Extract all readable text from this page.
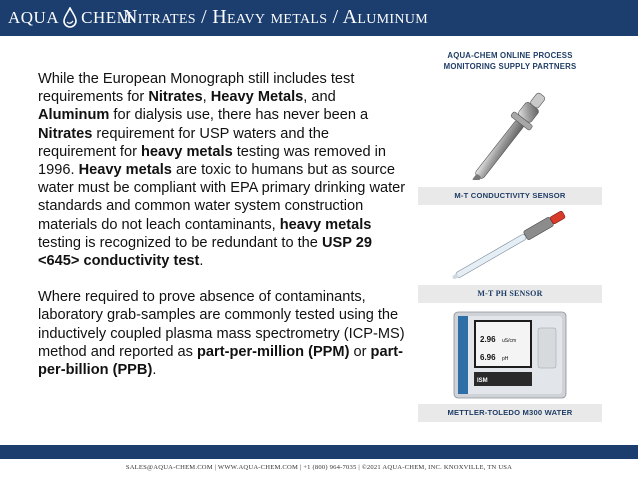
AQUA CHEM
Nitrates / Heavy metals / Aluminum

While the European Monograph still includes test requirements for Nitrates, Heavy Metals, and Aluminum for dialysis use, there has never been a Nitrates requirement for USP waters and the requirement for heavy metals testing was removed in 1996. Heavy metals are toxic to humans but as source water must be compliant with EPA primary drinking water standards and common water system construction materials do not leach contaminants, heavy metals testing is recognized to be redundant to the USP 29 <645> conductivity test.

Where required to prove absence of contaminants, laboratory grab-samples are commonly tested using the inductively coupled plasma mass spectrometry (ICP-MS) method and reported as part-per-million (PPM) or part-per-billion (PPB).

AQUA-CHEM ONLINE PROCESS
MONITORING SUPPLY PARTNERS
M-T CONDUCTIVITY SENSOR
M-T PH SENSOR
2.96 uS/cm
6.96 pH
ISM
METTLER-TOLEDO M300 WATER
SALES@AQUA-CHEM.COM | WWW.AQUA-CHEM.COM | +1 (800) 964-7035 | ©2021 AQUA-CHEM, INC. KNOXVILLE, TN USA
